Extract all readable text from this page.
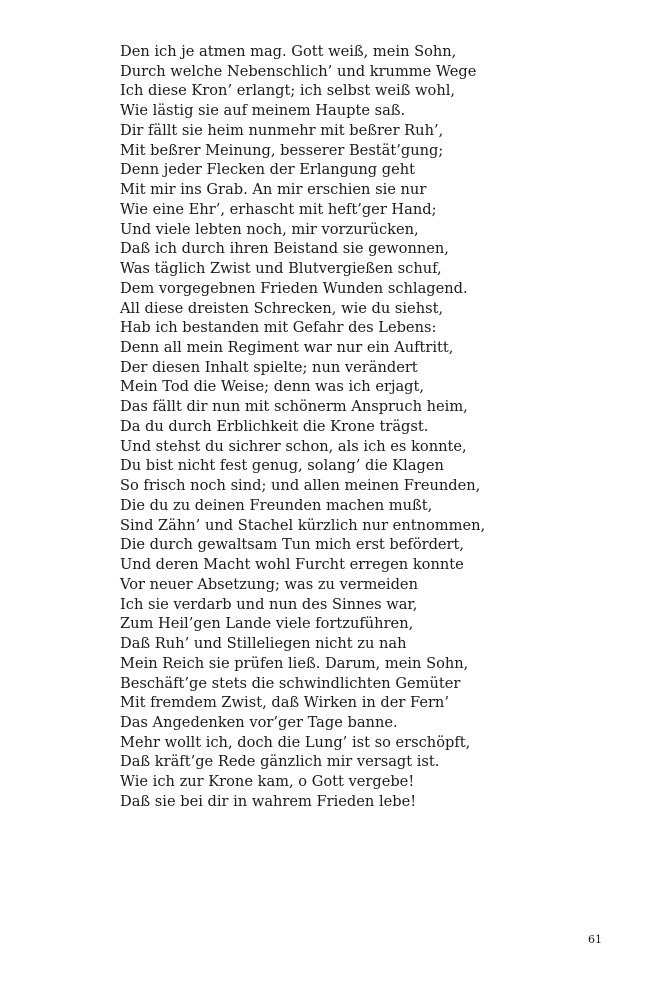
Den ich je atmen mag. Gott weiß, mein Sohn,
Durch welche Nebenschlich’ und krumme Wege
Ich diese Kron’ erlangt; ich selbst weiß wohl,
Wie lästig sie auf meinem Haupte saß.
Dir fällt sie heim nunmehr mit beßrer Ruh’,
Mit beßrer Meinung, besserer Bestät’gung;
Denn jeder Flecken der Erlangung geht
Mit mir ins Grab. An mir erschien sie nur
Wie eine Ehr’, erhascht mit heft’ger Hand;
Und viele lebten noch, mir vorzurücken,
Daß ich durch ihren Beistand sie gewonnen,
Was täglich Zwist und Blutvergießen schuf,
Dem vorgegebnen Frieden Wunden schlagend.
All diese dreisten Schrecken, wie du siehst,
Hab ich bestanden mit Gefahr des Lebens:
Denn all mein Regiment war nur ein Auftritt,
Der diesen Inhalt spielte; nun verändert
Mein Tod die Weise; denn was ich erjagt,
Das fällt dir nun mit schönerm Anspruch heim,
Da du durch Erblichkeit die Krone trägst.
Und stehst du sichrer schon, als ich es konnte,
Du bist nicht fest genug, solang’ die Klagen
So frisch noch sind; und allen meinen Freunden,
Die du zu deinen Freunden machen mußt,
Sind Zähn’ und Stachel kürzlich nur entnommen,
Die durch gewaltsam Tun mich erst befördert,
Und deren Macht wohl Furcht erregen konnte
Vor neuer Absetzung; was zu vermeiden
Ich sie verdarb und nun des Sinnes war,
Zum Heil’gen Lande viele fortzuführen,
Daß Ruh’ und Stilleliegen nicht zu nah
Mein Reich sie prüfen ließ. Darum, mein Sohn,
Beschäft’ge stets die schwindlichten Gemüter
Mit fremdem Zwist, daß Wirken in der Fern’
Das Angedenken vor’ger Tage banne.
Mehr wollt ich, doch die Lung’ ist so erschöpft,
Daß kräft’ge Rede gänzlich mir versagt ist.
Wie ich zur Krone kam, o Gott vergebe!
Daß sie bei dir in wahrem Frieden lebe!
61
